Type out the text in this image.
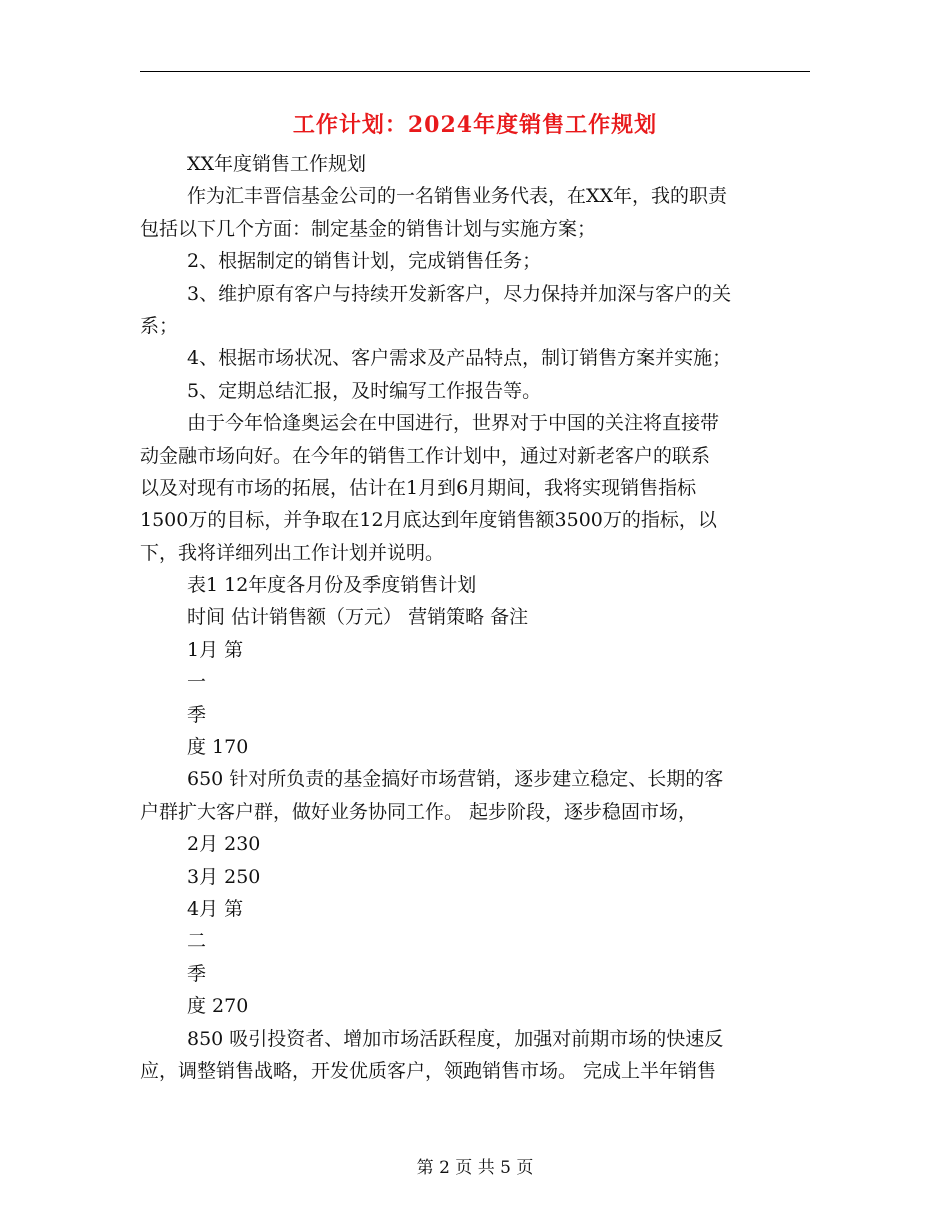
工作计划：2024年度销售工作规划
XX年度销售工作规划
作为汇丰晋信基金公司的一名销售业务代表，在XX年，我的职责
包括以下几个方面：制定基金的销售计划与实施方案；
2、根据制定的销售计划，完成销售任务；
3、维护原有客户与持续开发新客户，尽力保持并加深与客户的关
系；
4、根据市场状况、客户需求及产品特点，制订销售方案并实施；
5、定期总结汇报，及时编写工作报告等。
由于今年恰逢奥运会在中国进行，世界对于中国的关注将直接带
动金融市场向好。在今年的销售工作计划中，通过对新老客户的联系
以及对现有市场的拓展，估计在1月到6月期间，我将实现销售指标
1500万的目标，并争取在12月底达到年度销售额3500万的指标，以
下，我将详细列出工作计划并说明。
表1 12年度各月份及季度销售计划
时间 估计销售额（万元） 营销策略 备注
1月 第
一
季
度 170
650 针对所负责的基金搞好市场营销，逐步建立稳定、长期的客
户群扩大客户群，做好业务协同工作。 起步阶段，逐步稳固市场，
2月 230
3月 250
4月 第
二
季
度 270
850 吸引投资者、增加市场活跃程度，加强对前期市场的快速反
应，调整销售战略，开发优质客户，领跑销售市场。 完成上半年销售
第 2 页 共 5 页
